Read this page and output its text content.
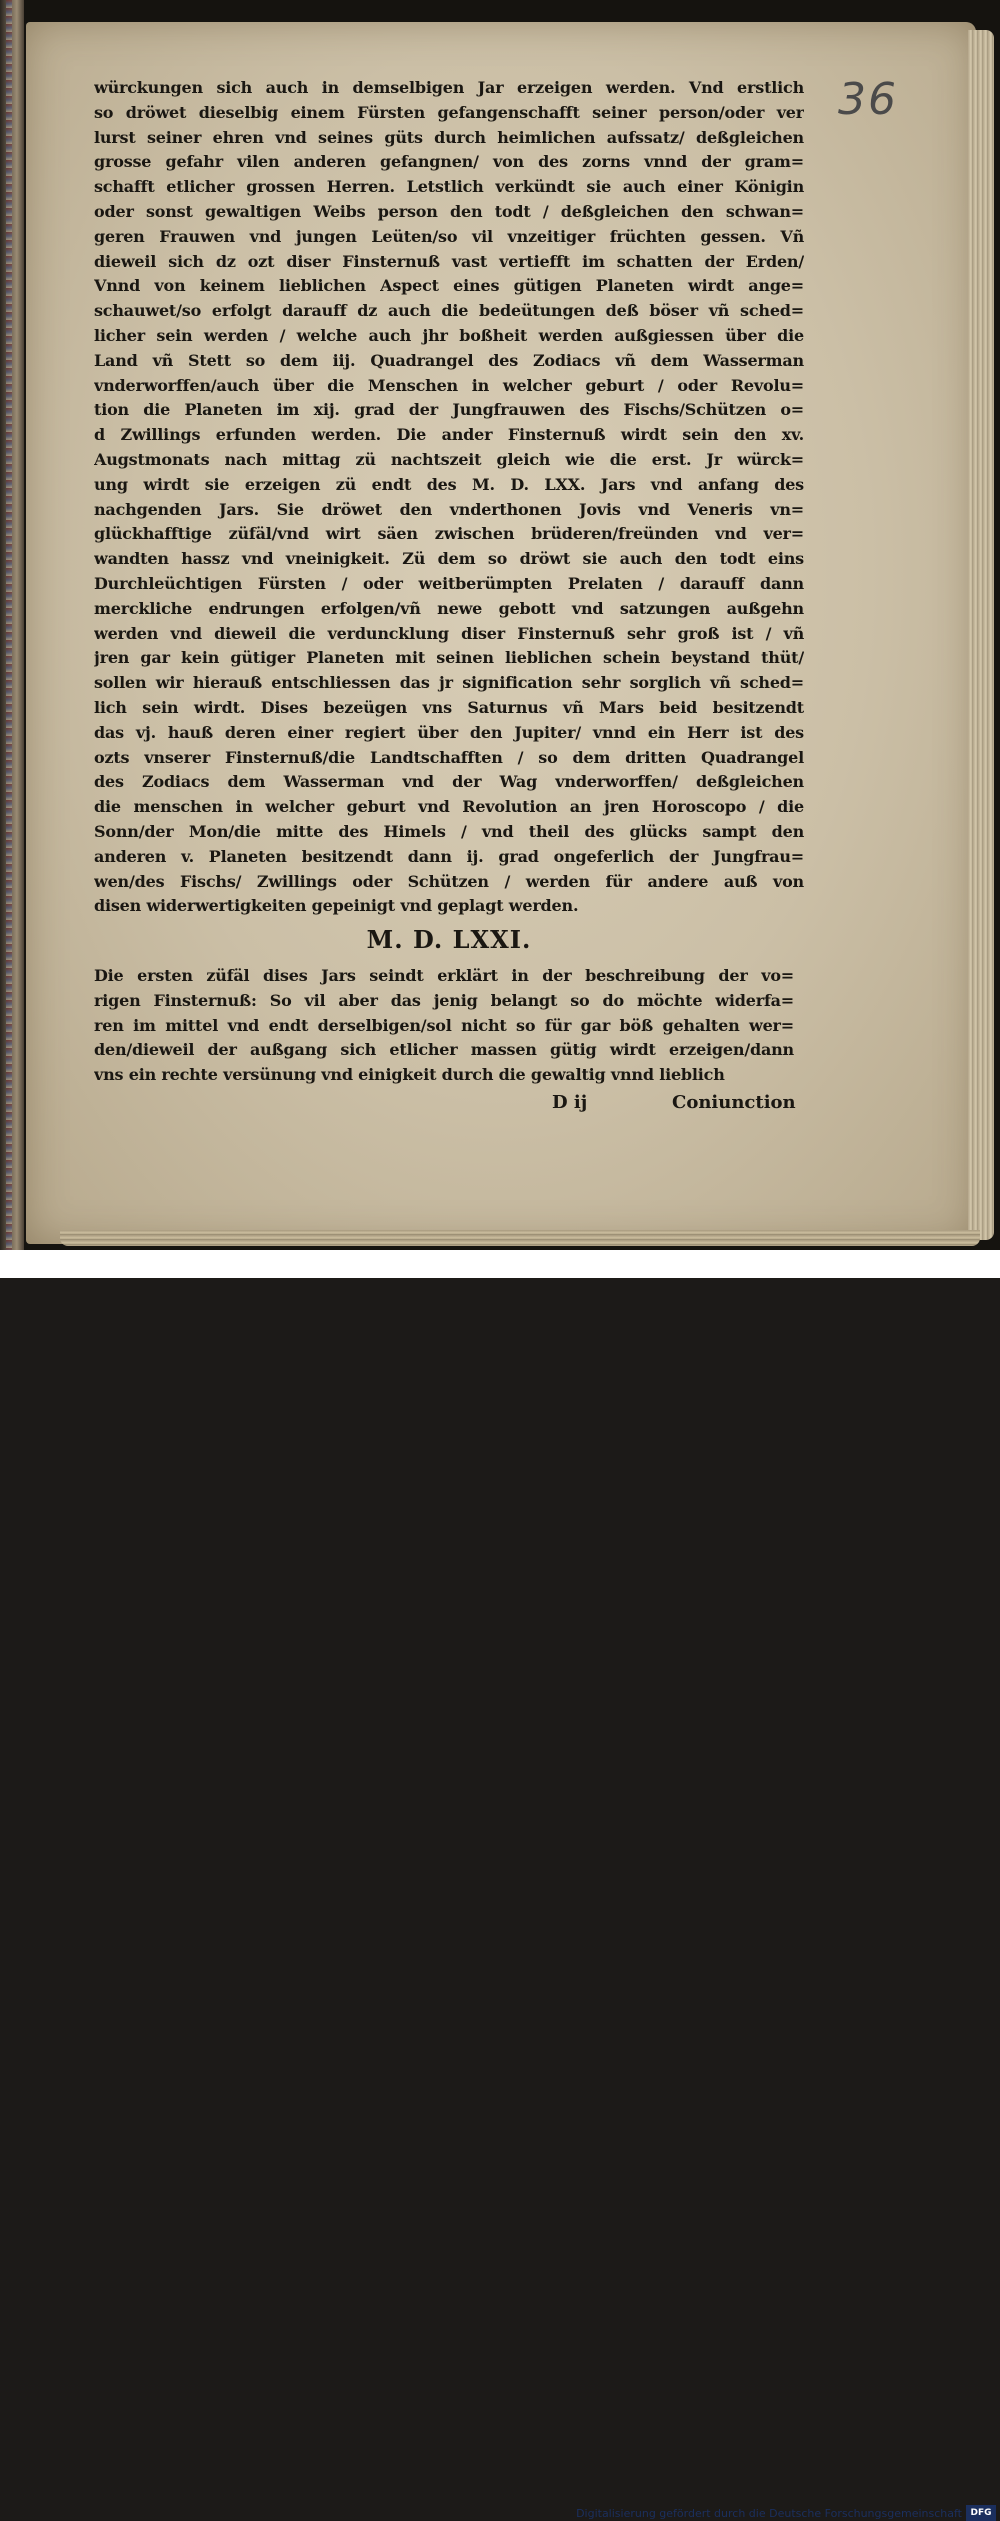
36
würckungen sich auch in demselbigen Jar erzeigen werden. Vnd erstlich
so dröwet dieselbig einem Fürsten gefangenschafft seiner person/oder ver
lurst seiner ehren vnd seines güts durch heimlichen aufssatz/ deßgleichen
grosse gefahr vilen anderen gefangnen/ von des zorns vnnd der gram=
schafft etlicher grossen Herren. Letstlich verkündt sie auch einer Königin
oder sonst gewaltigen Weibs person den todt / deßgleichen den schwan=
geren Frauwen vnd jungen Leüten/so vil vnzeitiger früchten gessen. Vñ
dieweil sich dz ozt diser Finsternuß vast vertiefft im schatten der Erden/
Vnnd von keinem lieblichen Aspect eines gütigen Planeten wirdt ange=
schauwet/so erfolgt darauff dz auch die bedeütungen deß böser vñ sched=
licher sein werden / welche auch jhr boßheit werden außgiessen über die
Land vñ Stett so dem iij. Quadrangel des Zodiacs vñ dem Wasserman
vnderworffen/auch über die Menschen in welcher geburt / oder Revolu=
tion die Planeten im xij. grad der Jungfrauwen des Fischs/Schützen o=
d Zwillings erfunden werden. Die ander Finsternuß wirdt sein den xv.
Augstmonats nach mittag zü nachtszeit gleich wie die erst. Jr würck=
ung wirdt sie erzeigen zü endt des M. D. LXX. Jars vnd anfang des
nachgenden Jars. Sie dröwet den vnderthonen Jovis vnd Veneris vn=
glückhafftige züfäl/vnd wirt säen zwischen brüderen/freünden vnd ver=
wandten hassz vnd vneinigkeit. Zü dem so dröwt sie auch den todt eins
Durchleüchtigen Fürsten / oder weitberümpten Prelaten / darauff dann
merckliche endrungen erfolgen/vñ newe gebott vnd satzungen außgehn
werden vnd dieweil die verduncklung diser Finsternuß sehr groß ist / vñ
jren gar kein gütiger Planeten mit seinen lieblichen schein beystand thüt/
sollen wir hierauß entschliessen das jr signification sehr sorglich vñ sched=
lich sein wirdt. Dises bezeügen vns Saturnus vñ Mars beid besitzendt
das vj. hauß deren einer regiert über den Jupiter/ vnnd ein Herr ist des
ozts vnserer Finsternuß/die Landtschafften / so dem dritten Quadrangel
des Zodiacs dem Wasserman vnd der Wag vnderworffen/ deßgleichen
die menschen in welcher geburt vnd Revolution an jren Horoscopo / die
Sonn/der Mon/die mitte des Himels / vnd theil des glücks sampt den
anderen v. Planeten besitzendt dann ij. grad ongeferlich der Jungfrau=
wen/des Fischs/ Zwillings oder Schützen / werden für andere auß von
disen widerwertigkeiten gepeinigt vnd geplagt werden.
M. D. LXXI.
Die ersten züfäl dises Jars seindt erklärt in der beschreibung der vo=
rigen Finsternuß: So vil aber das jenig belangt so do möchte widerfa=
ren im mittel vnd endt derselbigen/sol nicht so für gar böß gehalten wer=
den/dieweil der außgang sich etlicher massen gütig wirdt erzeigen/dann
vns ein rechte versünung vnd einigkeit durch die gewaltig vnnd lieblich
D ij	Coniunction
Digitalisierung gefördert durch die Deutsche Forschungsgemeinschaft DFG
